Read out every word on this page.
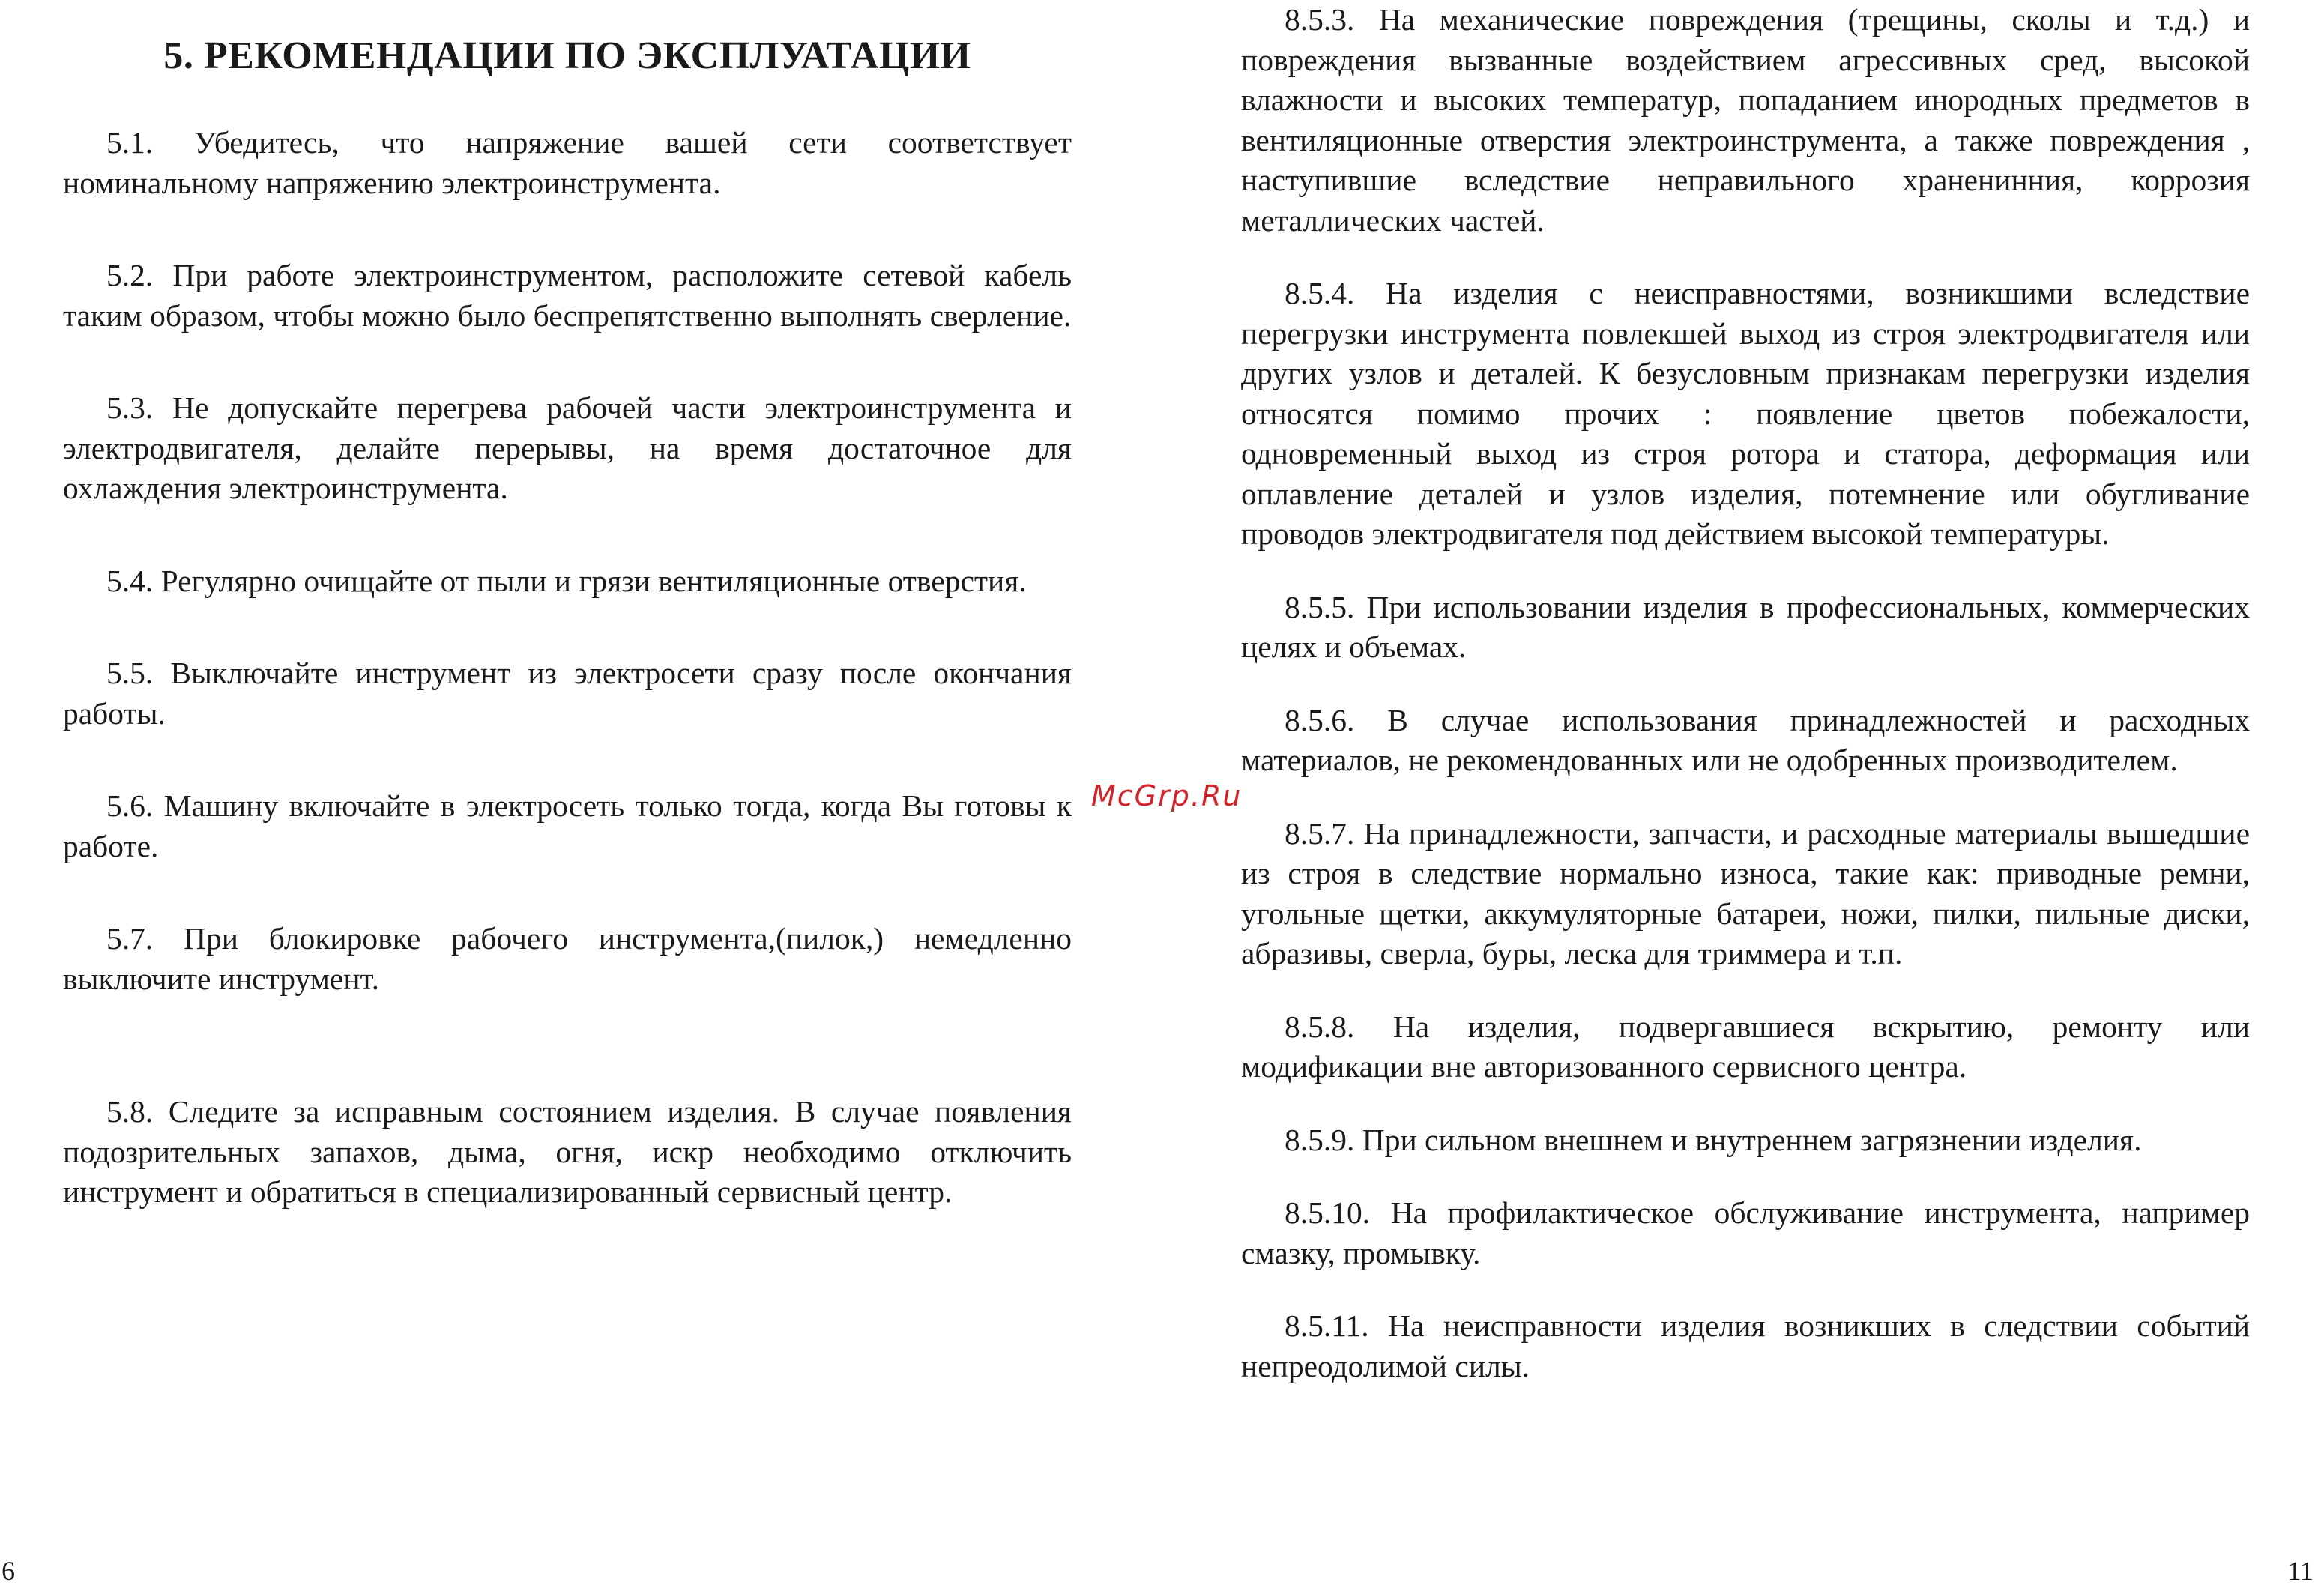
5. РЕКОМЕНДАЦИИ ПО ЭКСПЛУАТАЦИИ

5.1. Убедитесь, что напряжение вашей сети соответствует номинальному напряжению электроинструмента.

5.2. При работе электроинструментом, расположите сетевой кабель таким образом, чтобы можно было беспрепятственно выполнять сверление.

5.3. Не допускайте перегрева рабочей части электроинструмента и электродвигателя, делайте перерывы, на время достаточное для охлаждения электроинструмента.

5.4. Регулярно очищайте от пыли и грязи вентиляционные отверстия.

5.5. Выключайте инструмент из электросети сразу после окончания работы.

5.6. Машину включайте в электросеть только тогда, когда Вы готовы к работе.

5.7. При блокировке рабочего инструмента,(пилок,) немедленно выключите инструмент.

5.8. Следите за исправным состоянием изделия. В случае появления подозрительных запахов, дыма, огня, искр необходимо отключить инструмент и обратиться в специализированный сервисный центр.

8.5.3. На механические повреждения (трещины, сколы и т.д.) и повреждения вызванные воздействием агрессивных сред, высокой влажности и высоких температур, попаданием инородных предметов в вентиляционные отверстия электроинструмента, а также повреждения , наступившие вследствие неправильного храненинния, коррозия металлических частей.

8.5.4. На изделия с неисправностями, возникшими вследствие перегрузки инструмента повлекшей выход из строя электродвигателя или других узлов и деталей. К безусловным признакам перегрузки изделия относятся помимо прочих : появление цветов побежалости, одновременный выход из строя ротора и статора, деформация или оплавление деталей и узлов изделия, потемнение или обугливание проводов электродвигателя под действием высокой температуры.

8.5.5. При использовании изделия в профессиональных, коммерческих целях и объемах.

8.5.6. В случае использования принадлежностей и расходных материалов, не рекомендованных или не одобренных производителем.

8.5.7. На принадлежности, запчасти, и расходные материалы вышедшие из строя в следствие нормально износа, такие как: приводные ремни, угольные щетки, аккумуляторные батареи, ножи, пилки, пильные диски, абразивы, сверла, буры, леска для триммера и т.п.

8.5.8. На изделия, подвергавшиеся вскрытию, ремонту или модификации вне авторизованного сервисного центра.

8.5.9. При сильном внешнем и внутреннем загрязнении изделия.

8.5.10. На профилактическое обслуживание инструмента, например смазку, промывку.

8.5.11. На неисправности изделия возникших в следствии событий непреодолимой силы.

McGrp.Ru
6	11
